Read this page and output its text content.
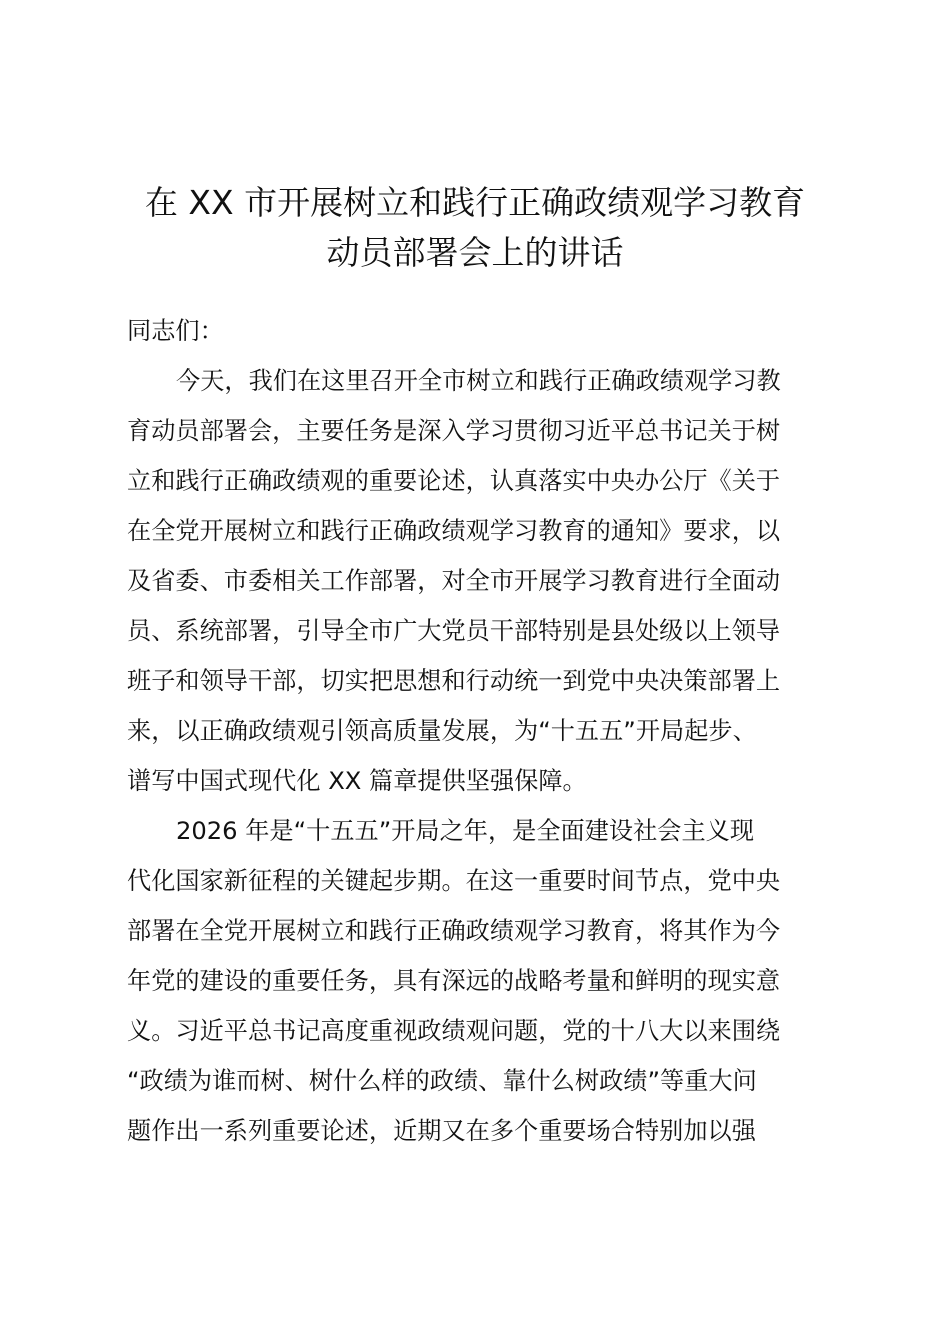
在 XX 市开展树立和践行正确政绩观学习教育
动员部署会上的讲话
同志们：
今天，我们在这里召开全市树立和践行正确政绩观学习教
育动员部署会，主要任务是深入学习贯彻习近平总书记关于树
立和践行正确政绩观的重要论述，认真落实中央办公厅《关于
在全党开展树立和践行正确政绩观学习教育的通知》要求，以
及省委、市委相关工作部署，对全市开展学习教育进行全面动
员、系统部署，引导全市广大党员干部特别是县处级以上领导
班子和领导干部，切实把思想和行动统一到党中央决策部署上
来，以正确政绩观引领高质量发展，为“十五五”开局起步、
谱写中国式现代化 XX 篇章提供坚强保障。
2026 年是“十五五”开局之年，是全面建设社会主义现
代化国家新征程的关键起步期。在这一重要时间节点，党中央
部署在全党开展树立和践行正确政绩观学习教育，将其作为今
年党的建设的重要任务，具有深远的战略考量和鲜明的现实意
义。习近平总书记高度重视政绩观问题，党的十八大以来围绕
“政绩为谁而树、树什么样的政绩、靠什么树政绩”等重大问
题作出一系列重要论述，近期又在多个重要场合特别加以强
